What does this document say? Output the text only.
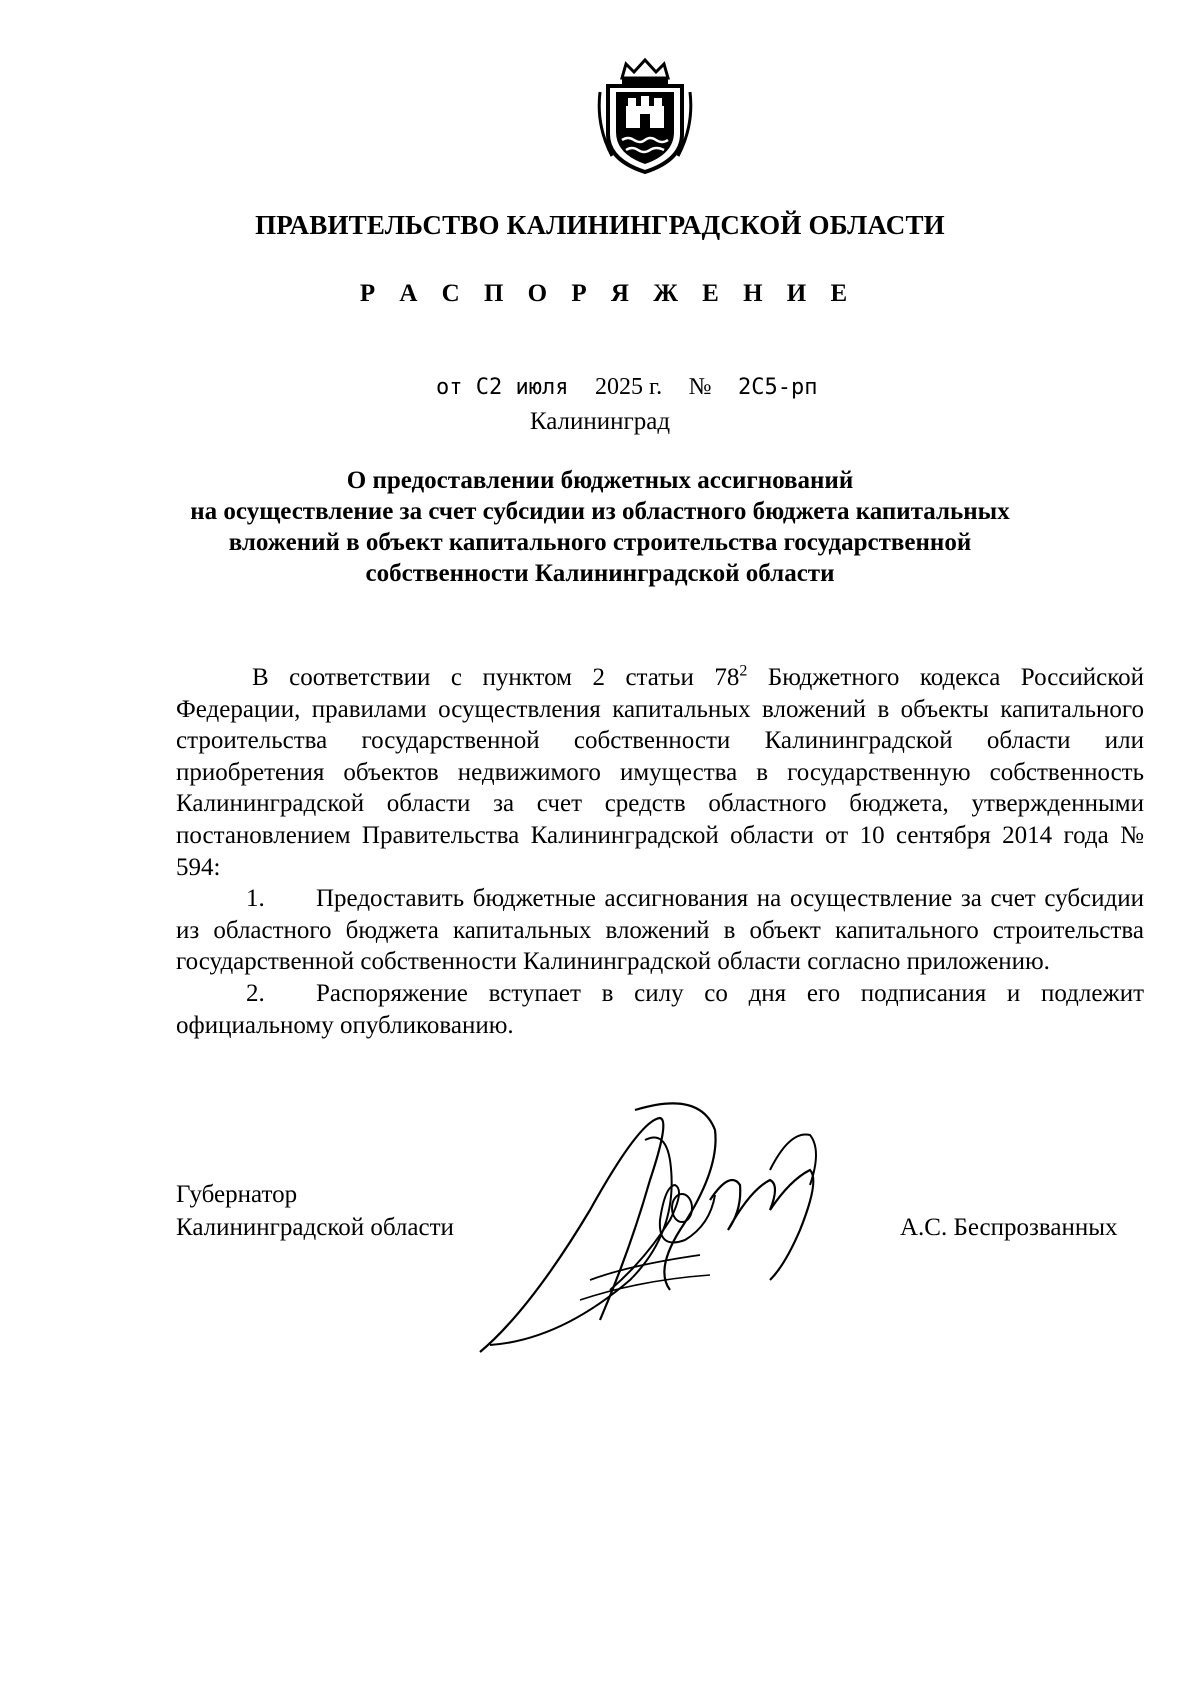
ПРАВИТЕЛЬСТВО КАЛИНИНГРАДСКОЙ ОБЛАСТИ
Р А С П О Р Я Ж Е Н И Е
от С2 июля 2025 г. № 2С5-рп
Калининград
О предоставлении бюджетных ассигнований
на осуществление за счет субсидии из областного бюджета капитальных
вложений в объект капитального строительства государственной
собственности Калининградской области

В соответствии с пунктом 2 статьи $78^2$ Бюджетного кодекса Российской Федерации, правилами осуществления капитальных вложений в объекты капитального строительства государственной собственности Калининградской области или приобретения объектов недвижимого имущества в государственную собственность Калининградской области за счет средств областного бюджета, утвержденными постановлением Правительства Калининградской области от 10 сентября 2014 года № 594:

1. Предоставить бюджетные ассигнования на осуществление за счет субсидии из областного бюджета капитальных вложений в объект капитального строительства государственной собственности Калининградской области согласно приложению.

2. Распоряжение вступает в силу со дня его подписания и подлежит официальному опубликованию.

Губернатор
Калининградской области	А.С. Беспрозванных
